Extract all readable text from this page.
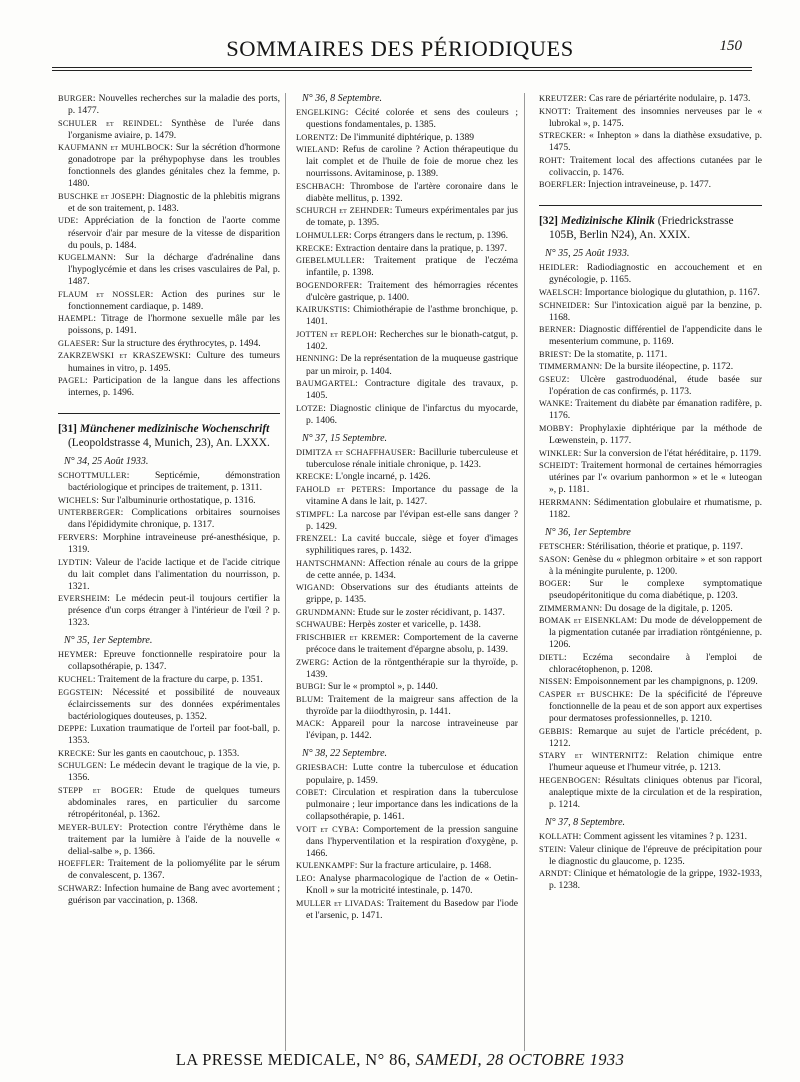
SOMMAIRES DES PÉRIODIQUES	150

BURGER: Nouvelles recherches sur la maladie des ports, p. 1477.

SCHULER et REINDEL: Synthèse de l'urée dans l'organisme aviaire, p. 1479.

KAUFMANN et MUHLBOCK: Sur la sécrétion d'hormone gonadotrope par la préhypophyse dans les troubles fonctionnels des glandes génitales chez la femme, p. 1480.

BUSCHKE et JOSEPH: Diagnostic de la phlebitis migrans et de son traitement, p. 1483.

UDE: Appréciation de la fonction de l'aorte comme réservoir d'air par mesure de la vitesse de disparition du pouls, p. 1484.

KUGELMANN: Sur la décharge d'adrénaline dans l'hypoglycémie et dans les crises vasculaires de Pal, p. 1487.

FLAUM et NOSSLER: Action des purines sur le fonctionnement cardiaque, p. 1489.

HAEMPL: Titrage de l'hormone sexuelle mâle par les poissons, p. 1491.

GLAESER: Sur la structure des érythrocytes, p. 1494.

ZAKRZEWSKI et KRASZEWSKI: Culture des tumeurs humaines in vitro, p. 1495.

PAGEL: Participation de la langue dans les affections internes, p. 1496.

[31] Münchener medizinische Wochenschrift (Leopoldstrasse 4, Munich, 23), An. LXXX.
N° 34, 25 Août 1933.

SCHOTTMULLER: Septicémie, démonstration bactériologique et principes de traitement, p. 1311.

WICHELS: Sur l'albuminurie orthostatique, p. 1316.

UNTERBERGER: Complications orbitaires sournoises dans l'épididymite chronique, p. 1317.

FERVERS: Morphine intraveineuse pré-anesthésique, p. 1319.

LYDTIN: Valeur de l'acide lactique et de l'acide citrique du lait complet dans l'alimentation du nourrisson, p. 1321.

EVERSHEIM: Le médecin peut-il toujours certifier la présence d'un corps étranger à l'intérieur de l'œil ? p. 1323.

N° 35, 1er Septembre.

HEYMER: Epreuve fonctionnelle respiratoire pour la collapsothérapie, p. 1347.

KUCHEL: Traitement de la fracture du carpe, p. 1351.

EGGSTEIN: Nécessité et possibilité de nouveaux éclaircissements sur des données expérimentales bactériologiques douteuses, p. 1352.

DEPPE: Luxation traumatique de l'orteil par foot-ball, p. 1353.

KRECKE: Sur les gants en caoutchouc, p. 1353.

SCHULGEN: Le médecin devant le tragique de la vie, p. 1356.

STEPP et BOGER: Etude de quelques tumeurs abdominales rares, en particulier du sarcome rétropéritonéal, p. 1362.

MEYER-BULEY: Protection contre l'érythème dans le traitement par la lumière à l'aide de la nouvelle « delial-salbe », p. 1366.

HOEFFLER: Traitement de la poliomyélite par le sérum de convalescent, p. 1367.

SCHWARZ: Infection humaine de Bang avec avortement ; guérison par vaccination, p. 1368.

N° 36, 8 Septembre.

ENGELKING: Cécité colorée et sens des couleurs ; questions fondamentales, p. 1385.

LORENTZ: De l'immunité diphtérique, p. 1389

WIELAND: Refus de caroline ? Action thérapeutique du lait complet et de l'huile de foie de morue chez les nourrissons. Avitaminose, p. 1389.

ESCHBACH: Thrombose de l'artère coronaire dans le diabète mellitus, p. 1392.

SCHURCH et ZEHNDER: Tumeurs expérimentales par jus de tomate, p. 1395.

LOHMULLER: Corps étrangers dans le rectum, p. 1396.

KRECKE: Extraction dentaire dans la pratique, p. 1397.

GIEBELMULLER: Traitement pratique de l'eczéma infantile, p. 1398.

BOGENDORFER: Traitement des hémorragies récentes d'ulcère gastrique, p. 1400.

KAIRUKSTIS: Chimiothérapie de l'asthme bronchique, p. 1401.

JOTTEN et REPLOH: Recherches sur le bionath-catgut, p. 1402.

HENNING: De la représentation de la muqueuse gastrique par un miroir, p. 1404.

BAUMGARTEL: Contracture digitale des travaux, p. 1405.

LOTZE: Diagnostic clinique de l'infarctus du myocarde, p. 1406.

N° 37, 15 Septembre.

DIMITZA et SCHAFFHAUSER: Bacillurie tuberculeuse et tuberculose rénale initiale chronique, p. 1423.

KRECKE: L'ongle incarné, p. 1426.

FAHOLD et PETERS: Importance du passage de la vitamine A dans le lait, p. 1427.

STIMPFL: La narcose par l'évipan est-elle sans danger ? p. 1429.

FRENZEL: La cavité buccale, siège et foyer d'images syphilitiques rares, p. 1432.

HANTSCHMANN: Affection rénale au cours de la grippe de cette année, p. 1434.

WIGAND: Observations sur des étudiants atteints de grippe, p. 1435.

GRUNDMANN: Etude sur le zoster récidivant, p. 1437.

SCHWAUBE: Herpès zoster et varicelle, p. 1438.

FRISCHBIER et KREMER: Comportement de la caverne précoce dans le traitement d'épargne absolu, p. 1439.

ZWERG: Action de la röntgenthérapie sur la thyroïde, p. 1439.

BUBGI: Sur le « promptol », p. 1440.

BLUM: Traitement de la maigreur sans affection de la thyroïde par la diiodthyrosin, p. 1441.

MACK: Appareil pour la narcose intraveineuse par l'évipan, p. 1442.

N° 38, 22 Septembre.

GRIESBACH: Lutte contre la tuberculose et éducation populaire, p. 1459.

COBET: Circulation et respiration dans la tuberculose pulmonaire ; leur importance dans les indications de la collapsothérapie, p. 1461.

VOIT et CYBA: Comportement de la pression sanguine dans l'hyperventilation et la respiration d'oxygène, p. 1466.

KULENKAMPF: Sur la fracture articulaire, p. 1468.

LEO: Analyse pharmacologique de l'action de « Oetin-Knoll » sur la motricité intestinale, p. 1470.

MULLER et LIVADAS: Traitement du Basedow par l'iode et l'arsenic, p. 1471.

KREUTZER: Cas rare de périartérite nodulaire, p. 1473.

KNOTT: Traitement des insomnies nerveuses par le « lubrokal », p. 1475.

STRECKER: « Inhepton » dans la diathèse exsudative, p. 1475.

ROHT: Traitement local des affections cutanées par le colivaccin, p. 1476.

BOERFLER: Injection intraveineuse, p. 1477.

[32] Medizinische Klinik (Friedrickstrasse 105B, Berlin N24), An. XXIX.
N° 35, 25 Août 1933.

HEIDLER: Radiodiagnostic en accouchement et en gynécologie, p. 1165.

WAELSCH: Importance biologique du glutathion, p. 1167.

SCHNEIDER: Sur l'intoxication aiguë par la benzine, p. 1168.

BERNER: Diagnostic différentiel de l'appendicite dans le mesenterium commune, p. 1169.

BRIEST: De la stomatite, p. 1171.

TIMMERMANN: De la bursite iléopectine, p. 1172.

GSEUZ: Ulcère gastroduodénal, étude basée sur l'opération de cas confirmés, p. 1173.

WANKE: Traitement du diabète par émanation radifère, p. 1176.

MOBBY: Prophylaxie diphtérique par la méthode de Lœwenstein, p. 1177.

WINKLER: Sur la conversion de l'état héréditaire, p. 1179.

SCHEIDT: Traitement hormonal de certaines hémorragies utérines par l'« ovarium panhormon » et le « luteogan », p. 1181.

HERRMANN: Sédimentation globulaire et rhumatisme, p. 1182.

N° 36, 1er Septembre

FETSCHER: Stérilisation, théorie et pratique, p. 1197.

SASON: Genèse du « phlegmon orbitaire » et son rapport à la méningite purulente, p. 1200.

BOGER: Sur le complexe symptomatique pseudopéritonitique du coma diabétique, p. 1203.

ZIMMERMANN: Du dosage de la digitale, p. 1205.

BOMAK et EISENKLAM: Du mode de développement de la pigmentation cutanée par irradiation röntgénienne, p. 1206.

DIETL: Eczéma secondaire à l'emploi de chloracétophenon, p. 1208.

NISSEN: Empoisonnement par les champignons, p. 1209.

CASPER et BUSCHKE: De la spécificité de l'épreuve fonctionnelle de la peau et de son apport aux expertises pour dermatoses professionnelles, p. 1210.

GEBBIS: Remarque au sujet de l'article précédent, p. 1212.

STARY et WINTERNITZ: Relation chimique entre l'humeur aqueuse et l'humeur vitrée, p. 1213.

HEGENBOGEN: Résultats cliniques obtenus par l'icoral, analeptique mixte de la circulation et de la respiration, p. 1214.

N° 37, 8 Septembre.

KOLLATH: Comment agissent les vitamines ? p. 1231.

STEIN: Valeur clinique de l'épreuve de précipitation pour le diagnostic du glaucome, p. 1235.

ARNDT: Clinique et hématologie de la grippe, 1932-1933, p. 1238.

LA PRESSE MEDICALE, N° 86, SAMEDI, 28 OCTOBRE 1933
